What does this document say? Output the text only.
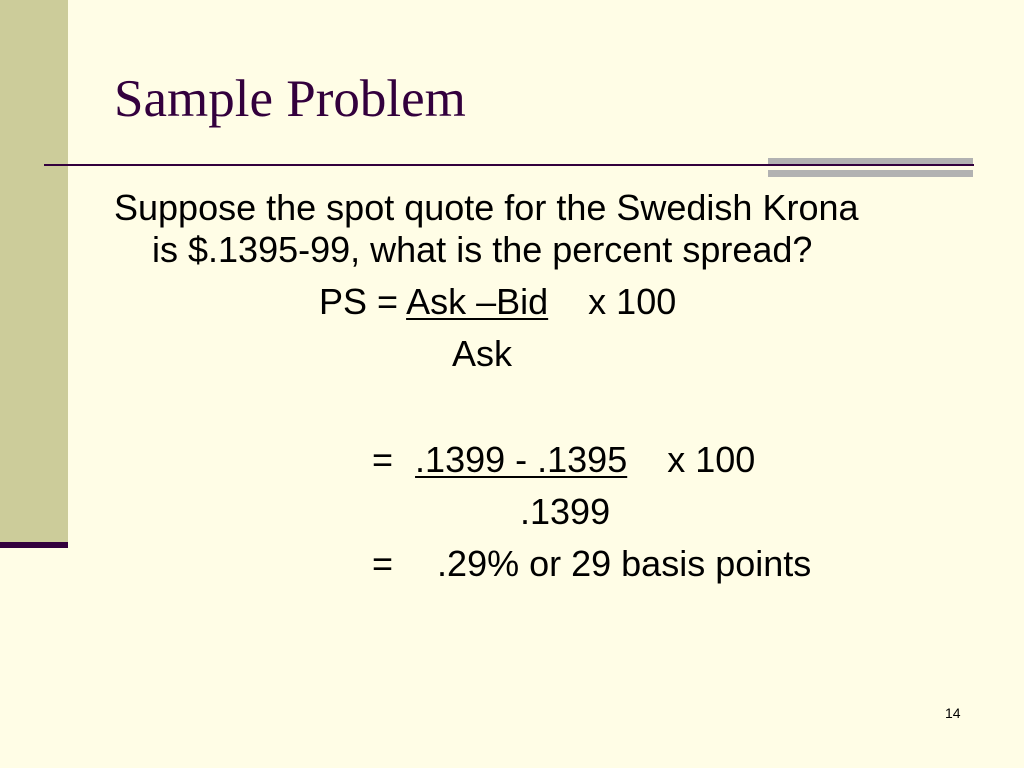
Sample Problem
Suppose the spot quote for the Swedish Krona
is $.1395-99, what is the percent spread?
PS = Ask –Bid x 100
Ask
= .1399 - .1395 x 100
.1399
= .29% or 29 basis points
14
